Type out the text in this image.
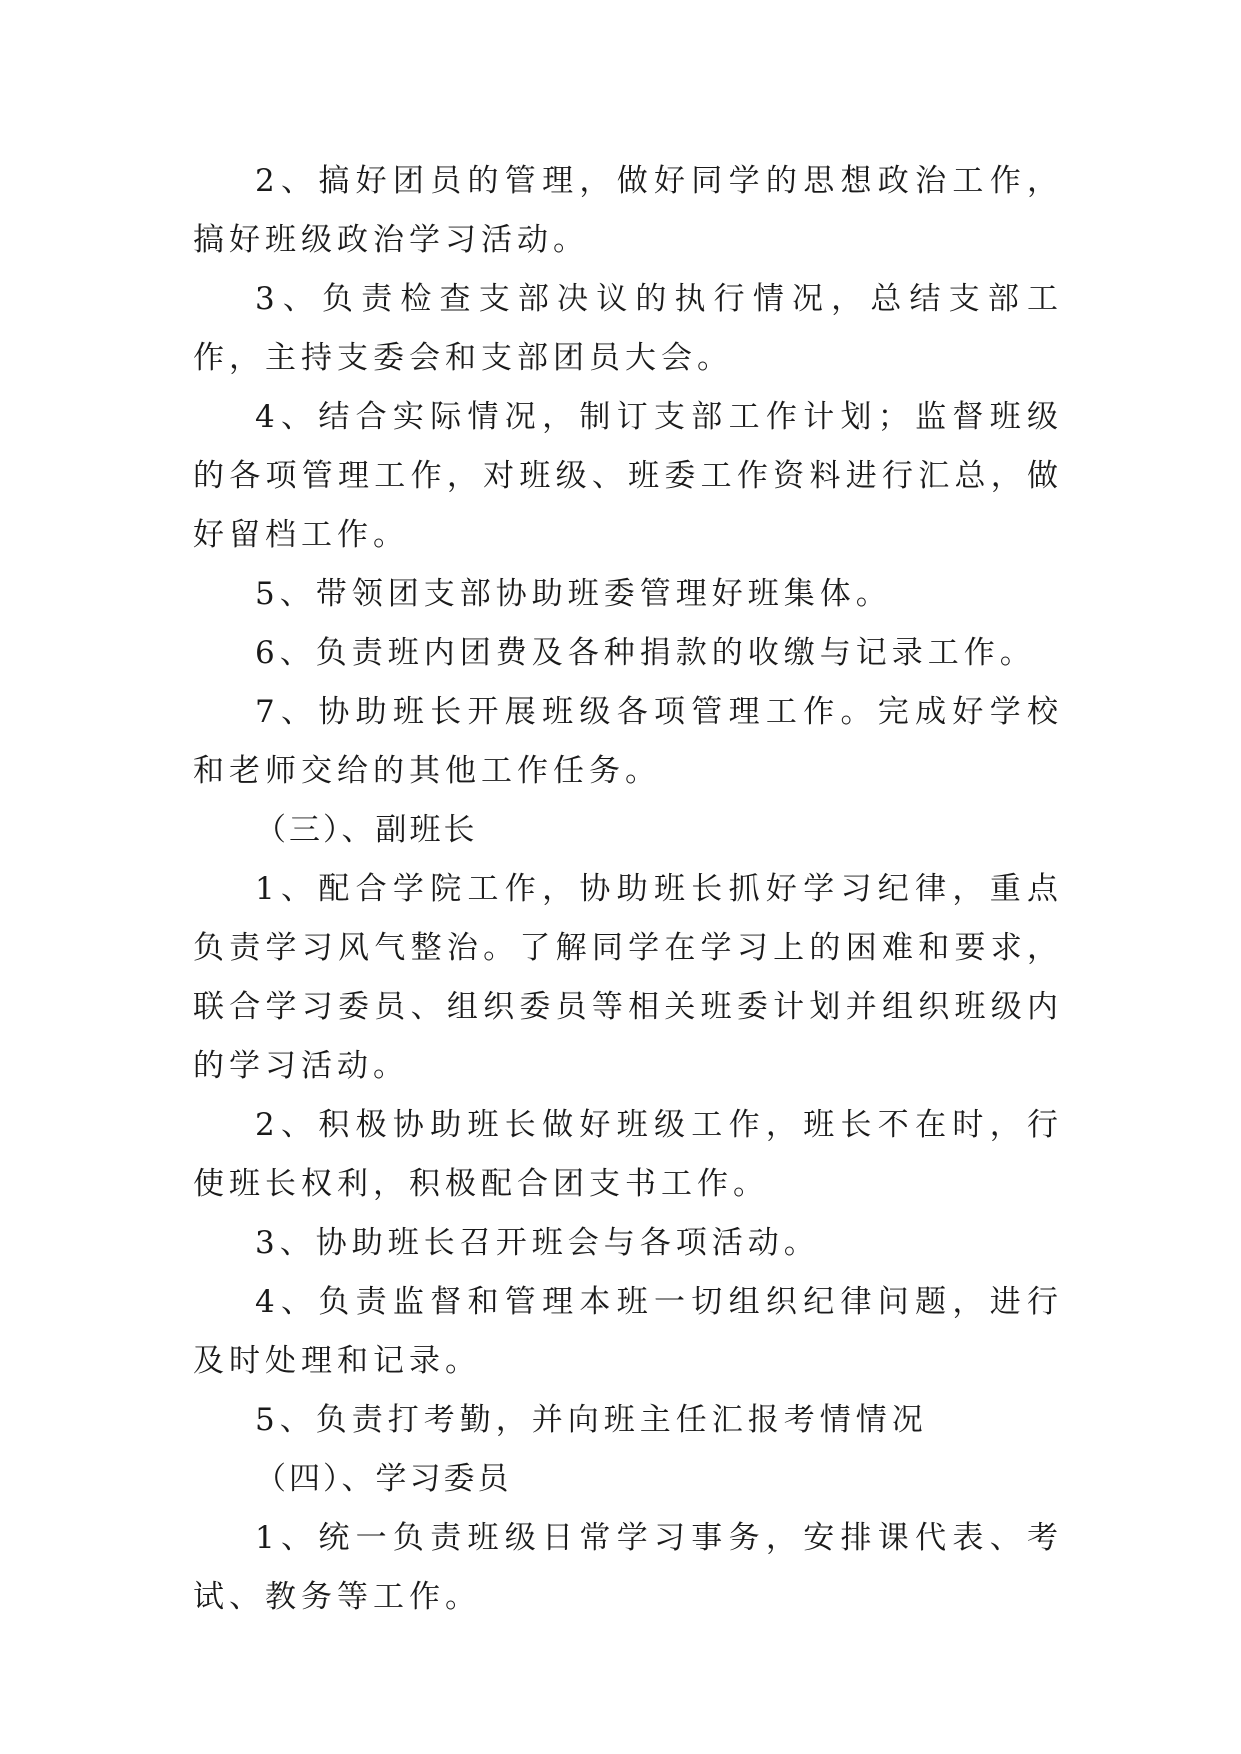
2、搞好团员的管理，做好同学的思想政治工作，搞好班级政治学习活动。

3、负责检查支部决议的执行情况，总结支部工作，主持支委会和支部团员大会。

4、结合实际情况，制订支部工作计划；监督班级的各项管理工作，对班级、班委工作资料进行汇总，做好留档工作。

5、带领团支部协助班委管理好班集体。

6、负责班内团费及各种捐款的收缴与记录工作。

7、协助班长开展班级各项管理工作。完成好学校和老师交给的其他工作任务。

（三）、副班长

1、配合学院工作，协助班长抓好学习纪律，重点负责学习风气整治。了解同学在学习上的困难和要求，联合学习委员、组织委员等相关班委计划并组织班级内的学习活动。

2、积极协助班长做好班级工作，班长不在时，行使班长权利，积极配合团支书工作。

3、协助班长召开班会与各项活动。

4、负责监督和管理本班一切组织纪律问题，进行及时处理和记录。

5、负责打考勤，并向班主任汇报考情情况

（四）、学习委员

1、统一负责班级日常学习事务，安排课代表、考试、教务等工作。
